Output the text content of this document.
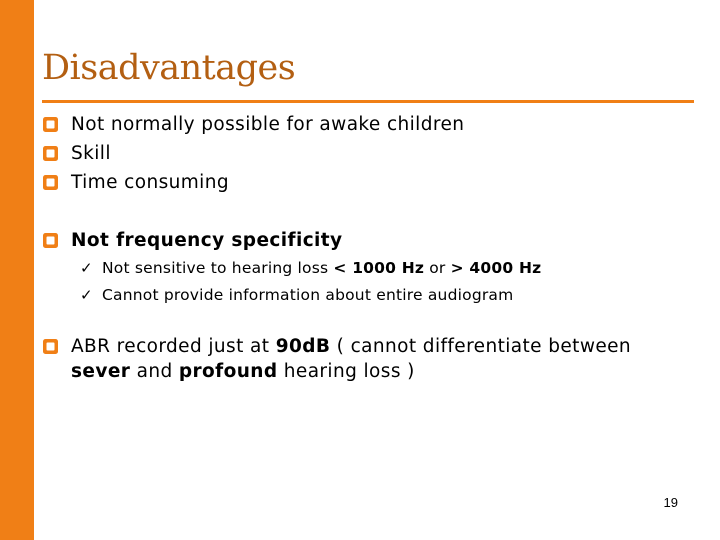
Disadvantages
Not normally possible for awake children
Skill
Time consuming
Not frequency specificity
✓ Not sensitive to hearing loss < 1000 Hz or > 4000 Hz
✓ Cannot provide information about entire audiogram
ABR recorded just at 90dB ( cannot differentiate between sever and profound hearing loss )
19
